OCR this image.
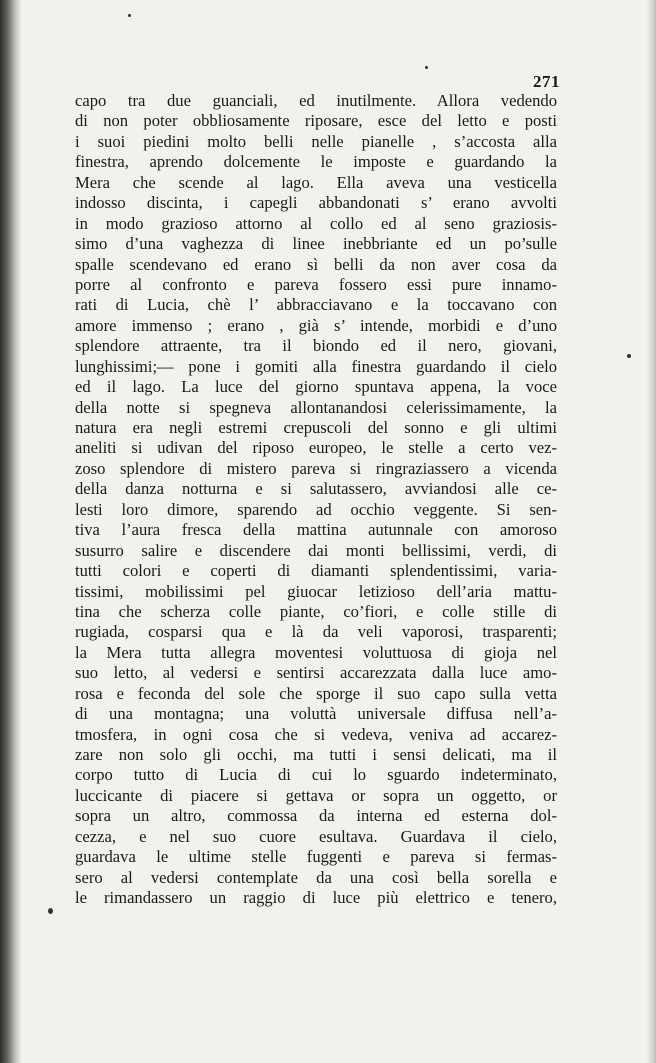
271
capo tra due guanciali, ed inutilmente. Allora vedendo
di non poter obbliosamente riposare, esce del letto e posti
i suoi piedini molto belli nelle pianelle , s’accosta alla
finestra, aprendo dolcemente le imposte e guardando la
Mera che scende al lago. Ella aveva una vesticella
indosso discinta, i capegli abbandonati s’ erano avvolti
in modo grazioso attorno al collo ed al seno graziosis-
simo d’una vaghezza di linee inebbriante ed un po’sulle
spalle scendevano ed erano sì belli da non aver cosa da
porre al confronto e pareva fossero essi pure innamo-
rati di Lucia, chè l’ abbracciavano e la toccavano con
amore immenso ; erano , già s’ intende, morbidi e d’uno
splendore attraente, tra il biondo ed il nero, giovani,
lunghissimi;— pone i gomiti alla finestra guardando il cielo
ed il lago. La luce del giorno spuntava appena, la voce
della notte si spegneva allontanandosi celerissimamente, la
natura era negli estremi crepuscoli del sonno e gli ultimi
aneliti si udivan del riposo europeo, le stelle a certo vez-
zoso splendore di mistero pareva si ringraziassero a vicenda
della danza notturna e si salutassero, avviandosi alle ce-
lesti loro dimore, sparendo ad occhio veggente. Si sen-
tiva l’aura fresca della mattina autunnale con amoroso
susurro salire e discendere dai monti bellissimi, verdi, di
tutti colori e coperti di diamanti splendentissimi, varia-
tissimi, mobilissimi pel giuocar letizioso dell’aria mattu-
tina che scherza colle piante, co’fiori, e colle stille di
rugiada, cosparsi qua e là da veli vaporosi, trasparenti;
la Mera tutta allegra moventesi voluttuosa di gioja nel
suo letto, al vedersi e sentirsi accarezzata dalla luce amo-
rosa e feconda del sole che sporge il suo capo sulla vetta
di una montagna; una voluttà universale diffusa nell’a-
tmosfera, in ogni cosa che si vedeva, veniva ad accarez-
zare non solo gli occhi, ma tutti i sensi delicati, ma il
corpo tutto di Lucia di cui lo sguardo indeterminato,
luccicante di piacere si gettava or sopra un oggetto, or
sopra un altro, commossa da interna ed esterna dol-
cezza, e nel suo cuore esultava. Guardava il cielo,
guardava le ultime stelle fuggenti e pareva si fermas-
sero al vedersi contemplate da una così bella sorella e
le rimandassero un raggio di luce più elettrico e tenero,
